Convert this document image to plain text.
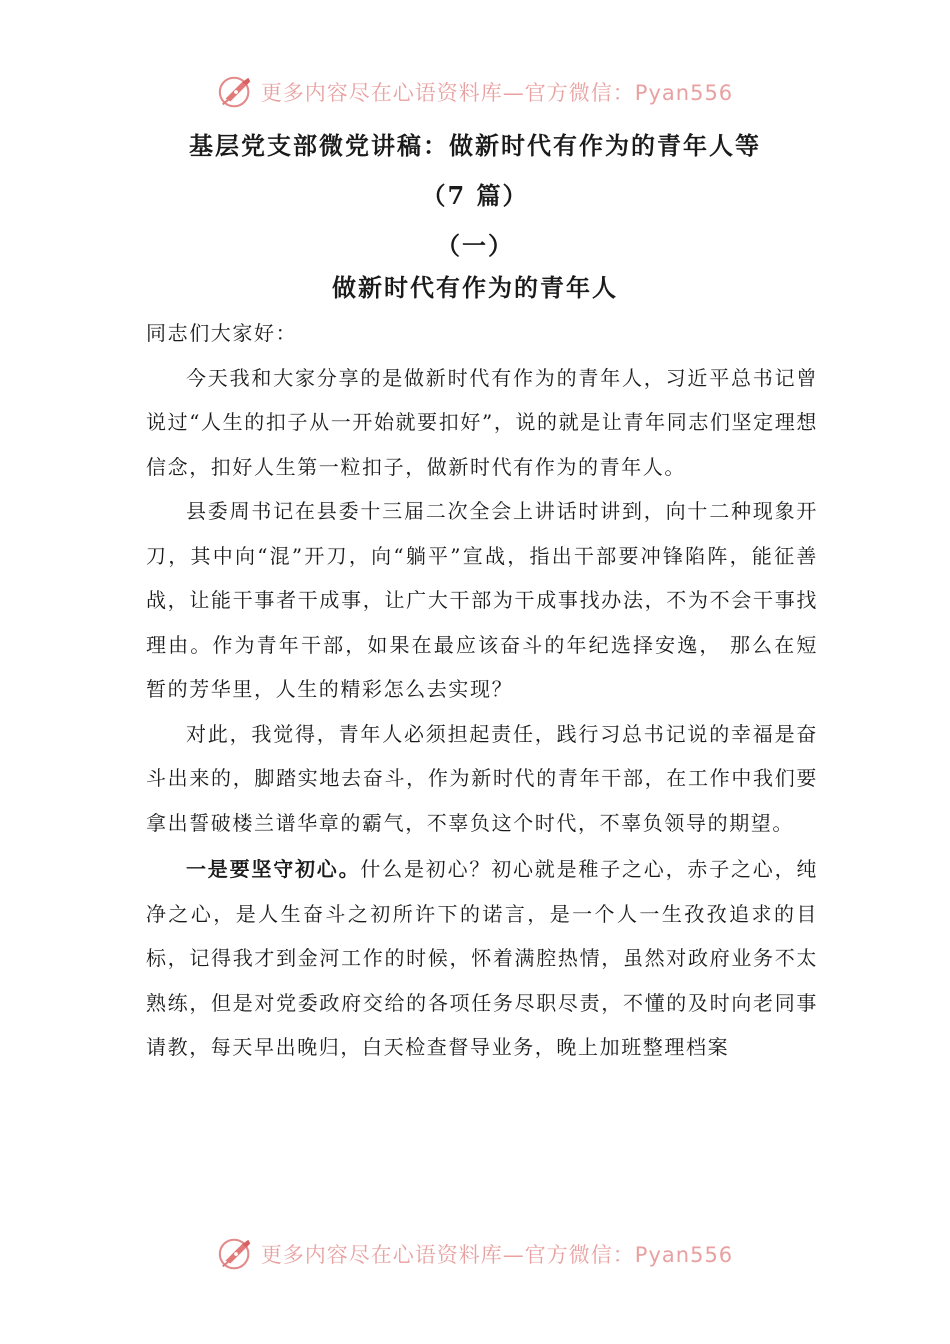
更多内容尽在心语资料库—官方微信：Pyan556
基层党支部微党讲稿：做新时代有作为的青年人等
（7 篇）
（一）
做新时代有作为的青年人

同志们大家好：

今天我和大家分享的是做新时代有作为的青年人，习近平总书记曾说过“人生的扣子从一开始就要扣好”，说的就是让青年同志们坚定理想信念，扣好人生第一粒扣子，做新时代有作为的青年人。

县委周书记在县委十三届二次全会上讲话时讲到，向十二种现象开刀，其中向“混”开刀，向“躺平”宣战，指出干部要冲锋陷阵，能征善战，让能干事者干成事，让广大干部为干成事找办法，不为不会干事找理由。作为青年干部，如果在最应该奋斗的年纪选择安逸， 那么在短暂的芳华里，人生的精彩怎么去实现？

对此，我觉得，青年人必须担起责任，践行习总书记说的幸福是奋斗出来的，脚踏实地去奋斗，作为新时代的青年干部，在工作中我们要拿出誓破楼兰谱华章的霸气，不辜负这个时代，不辜负领导的期望。

一是要坚守初心。什么是初心？初心就是稚子之心，赤子之心，纯净之心，是人生奋斗之初所许下的诺言，是一个人一生孜孜追求的目标，记得我才到金河工作的时候，怀着满腔热情，虽然对政府业务不太熟练，但是对党委政府交给的各项任务尽职尽责，不懂的及时向老同事请教，每天早出晚归，白天检查督导业务，晚上加班整理档案

更多内容尽在心语资料库—官方微信：Pyan556
